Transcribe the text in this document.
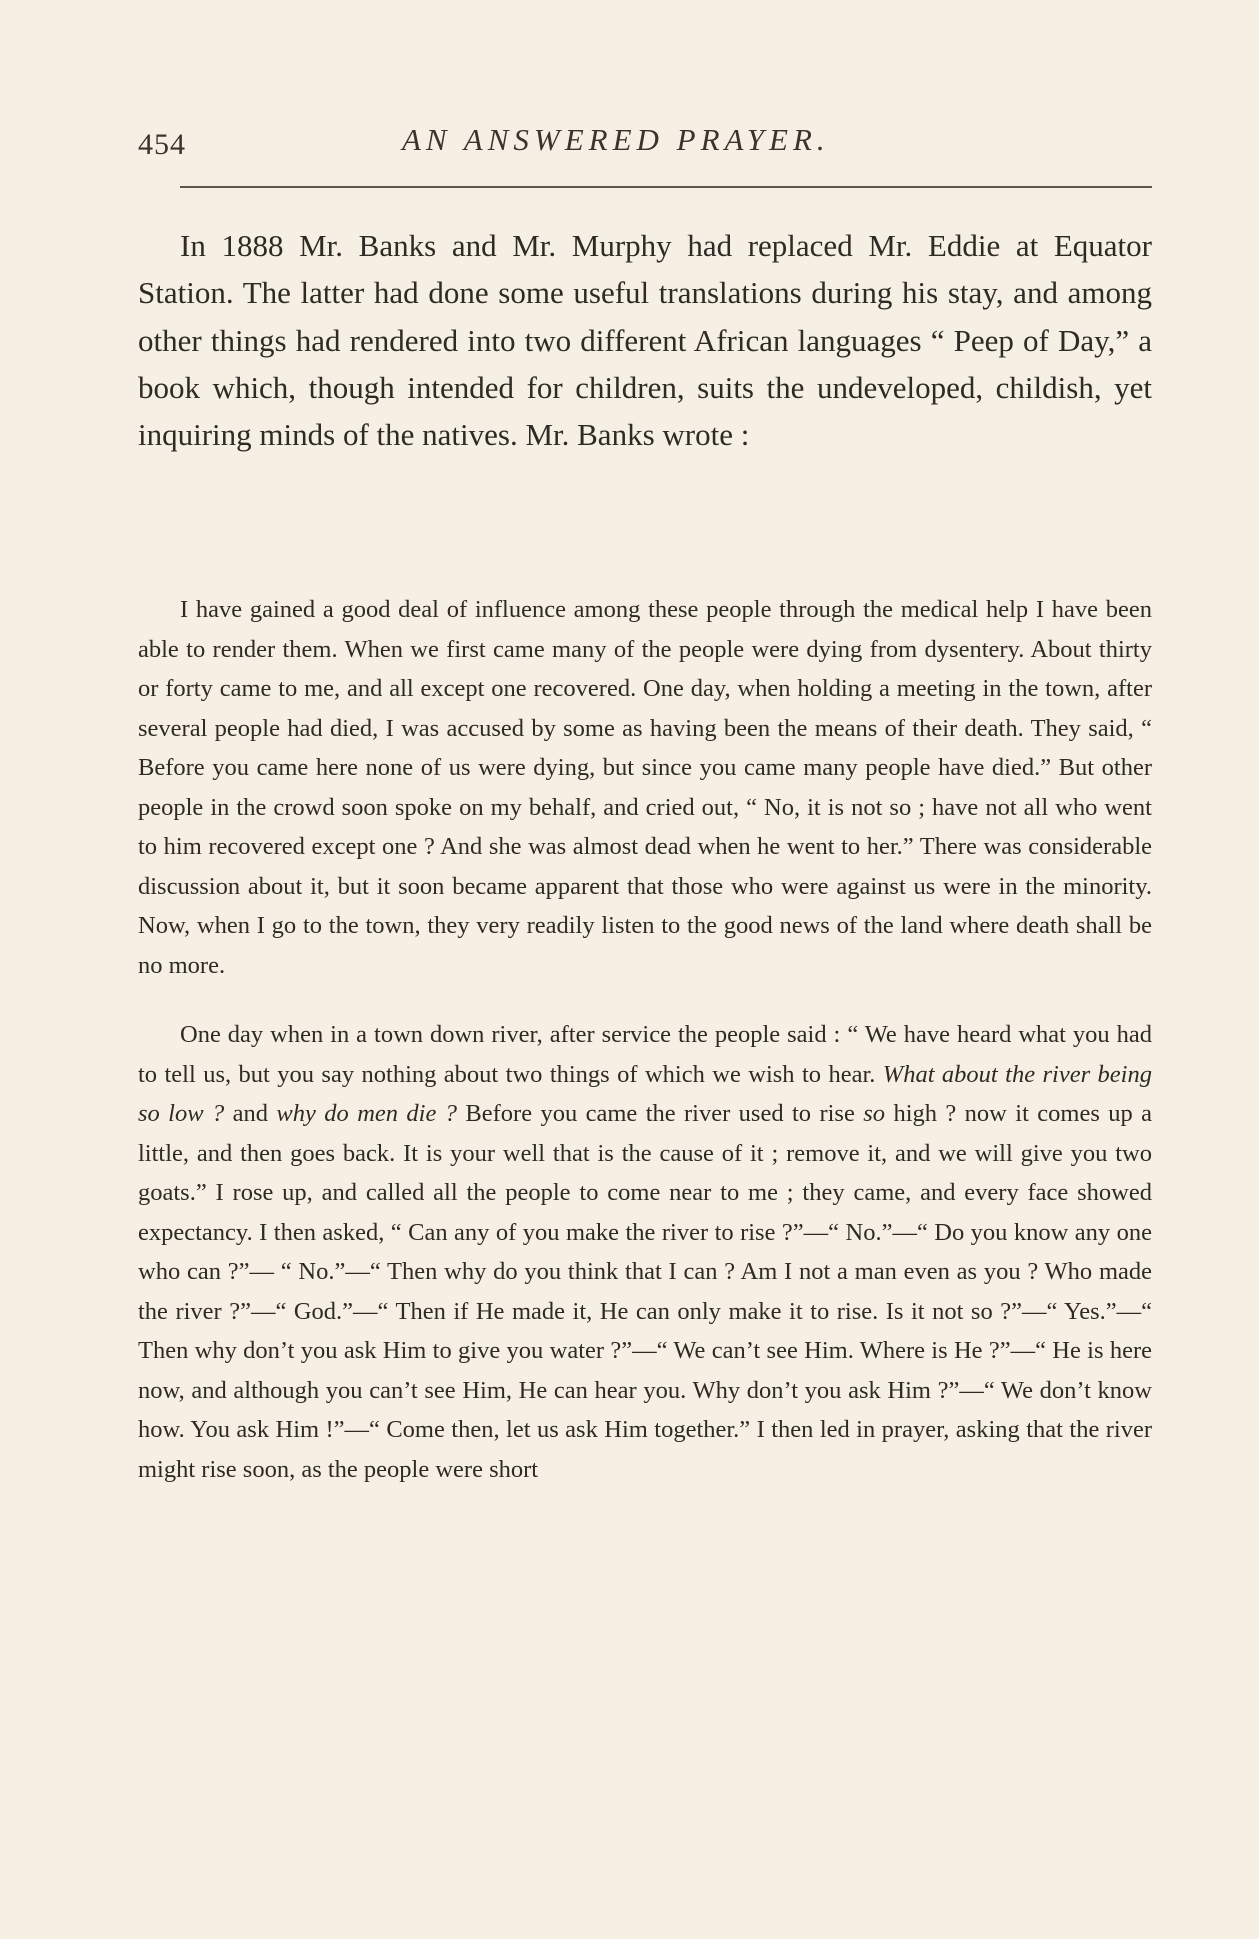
454	AN ANSWERED PRAYER.

In 1888 Mr. Banks and Mr. Murphy had replaced Mr. Eddie at Equator Station. The latter had done some useful translations during his stay, and among other things had rendered into two different African languages “ Peep of Day,” a book which, though intended for children, suits the undeveloped, childish, yet inquiring minds of the natives. Mr. Banks wrote :

I have gained a good deal of influence among these people through the medical help I have been able to render them. When we first came many of the people were dying from dysentery. About thirty or forty came to me, and all except one recovered. One day, when holding a meeting in the town, after several people had died, I was accused by some as having been the means of their death. They said, “ Before you came here none of us were dying, but since you came many people have died.” But other people in the crowd soon spoke on my behalf, and cried out, “ No, it is not so ; have not all who went to him recovered except one ? And she was almost dead when he went to her.” There was considerable discussion about it, but it soon became apparent that those who were against us were in the minority. Now, when I go to the town, they very readily listen to the good news of the land where death shall be no more.

One day when in a town down river, after service the people said : “ We have heard what you had to tell us, but you say nothing about two things of which we wish to hear. What about the river being so low ? and why do men die ? Before you came the river used to rise so high ? now it comes up a little, and then goes back. It is your well that is the cause of it ; remove it, and we will give you two goats.” I rose up, and called all the people to come near to me ; they came, and every face showed expectancy. I then asked, “ Can any of you make the river to rise ?”—“ No.”—“ Do you know any one who can ?”— “ No.”—“ Then why do you think that I can ? Am I not a man even as you ? Who made the river ?”—“ God.”—“ Then if He made it, He can only make it to rise. Is it not so ?”—“ Yes.”—“ Then why don’t you ask Him to give you water ?”—“ We can’t see Him. Where is He ?”—“ He is here now, and although you can’t see Him, He can hear you. Why don’t you ask Him ?”—“ We don’t know how. You ask Him !”—“ Come then, let us ask Him together.” I then led in prayer, asking that the river might rise soon, as the people were short
